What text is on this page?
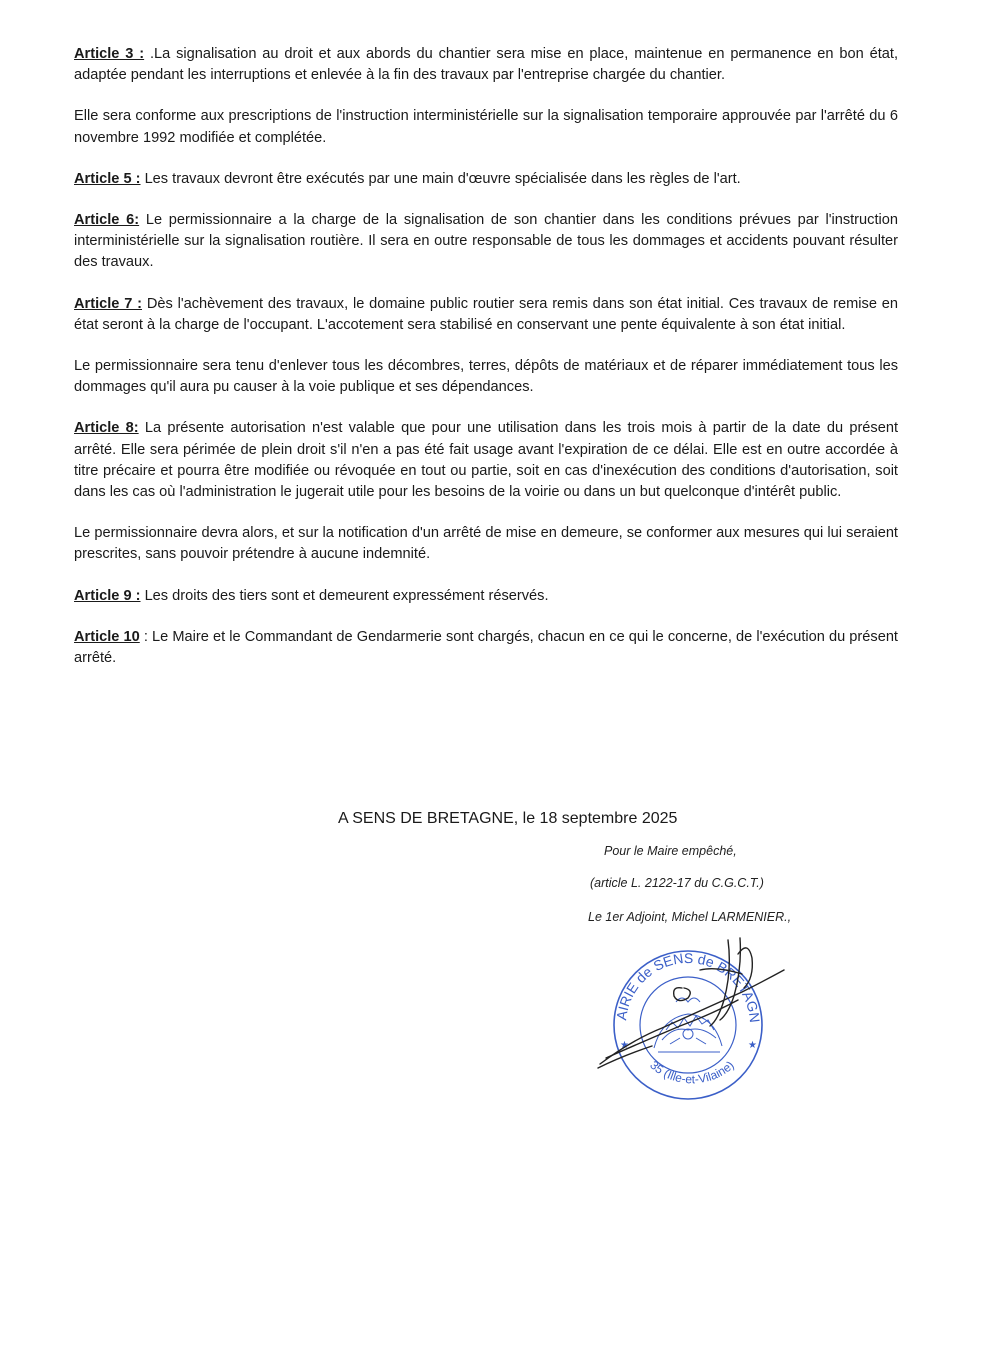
Article 3 : .La signalisation au droit et aux abords du chantier sera mise en place, maintenue en permanence en bon état, adaptée pendant les interruptions et enlevée à la fin des travaux par l'entreprise chargée du chantier.

Elle sera conforme aux prescriptions de l'instruction interministérielle sur la signalisation temporaire approuvée par l'arrêté du 6 novembre 1992 modifiée et complétée.

Article 5 : Les travaux devront être exécutés par une main d'œuvre spécialisée dans les règles de l'art.

Article 6: Le permissionnaire a la charge de la signalisation de son chantier dans les conditions prévues par l'instruction interministérielle sur la signalisation routière. Il sera en outre responsable de tous les dommages et accidents pouvant résulter des travaux.

Article 7 : Dès l'achèvement des travaux, le domaine public routier sera remis dans son état initial. Ces travaux de remise en état seront à la charge de l'occupant. L'accotement sera stabilisé en conservant une pente équivalente à son état initial.

Le permissionnaire sera tenu d'enlever tous les décombres, terres, dépôts de matériaux et de réparer immédiatement tous les dommages qu'il aura pu causer à la voie publique et ses dépendances.

Article 8: La présente autorisation n'est valable que pour une utilisation dans les trois mois à partir de la date du présent arrêté. Elle sera périmée de plein droit s'il n'en a pas été fait usage avant l'expiration de ce délai. Elle est en outre accordée à titre précaire et pourra être modifiée ou révoquée en tout ou partie, soit en cas d'inexécution des conditions d'autorisation, soit dans les cas où l'administration le jugerait utile pour les besoins de la voirie ou dans un but quelconque d'intérêt public.

Le permissionnaire devra alors, et sur la notification d'un arrêté de mise en demeure, se conformer aux mesures qui lui seraient prescrites, sans pouvoir prétendre à aucune indemnité.

Article 9 : Les droits des tiers sont et demeurent expressément réservés.

Article 10 : Le Maire et le Commandant de Gendarmerie sont chargés, chacun en ce qui le concerne, de l'exécution du présent arrêté.

A SENS DE BRETAGNE, le 18 septembre 2025
Pour le Maire empêché,
(article L. 2122-17 du C.G.C.T.)
Le 1er Adjoint, Michel LARMENIER.,
AIRIE de SENS de BRETAGN
35 (Ille-et-Vilaine)
★	★
